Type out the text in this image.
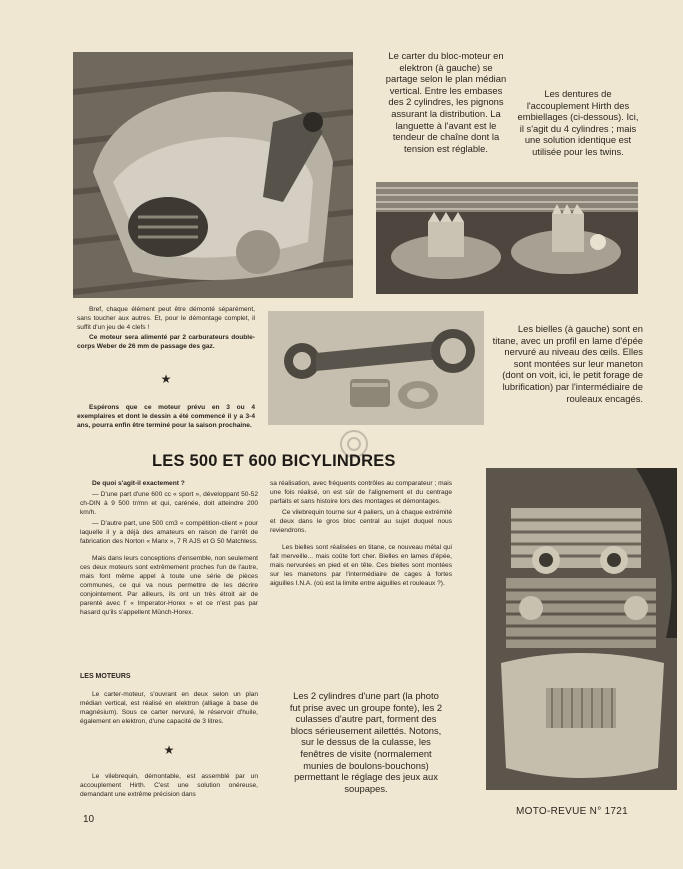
Le carter du bloc-moteur en elektron (à gauche) se partage selon le plan médian vertical. Entre les embases des 2 cylindres, les pignons assurant la distribution. La languette à l'avant est le tendeur de chaîne dont la tension est réglable.
Les dentures de l'accouplement Hirth des embiellages (ci-dessous). Ici, il s'agit du 4 cylindres ; mais une solution identique est utilisée pour les twins.

Bref, chaque élément peut être démonté séparément, sans toucher aux autres. Et, pour le démontage complet, il suffit d'un jeu de 4 clefs !

Ce moteur sera alimenté par 2 carburateurs double-corps Weber de 26 mm de passage des gaz.

★
Espérons que ce moteur prévu en 3 ou 4 exemplaires et dont le dessin a été commencé il y a 3-4 ans, pourra enfin être terminé pour la saison prochaine.
Les bielles (à gauche) sont en titane, avec un profil en lame d'épée nervuré au niveau des œils. Elles sont montées sur leur maneton (dont on voit, ici, le petit forage de lubrification) par l'intermédiaire de rouleaux encagés.
LES 500 ET 600 BICYLINDRES

De quoi s'agit-il exactement ?

— D'une part d'une 600 cc « sport », développant 50-52 ch-DIN à 9 500 tr/mn et qui, carénée, doit atteindre 200 km/h.

— D'autre part, une 500 cm3 « compétition-client » pour laquelle il y a déjà des amateurs en raison de l'arrêt de fabrication des Norton « Manx », 7 R AJS et G 50 Matchless.

Mais dans leurs conceptions d'ensemble, non seulement ces deux moteurs sont extrêmement proches l'un de l'autre, mais font même appel à toute une série de pièces communes, ce qui va nous permettre de les décrire conjointement. Par ailleurs, ils ont un très étroit air de parenté avec l' « Imperator-Horex » et ce n'est pas par hasard qu'ils s'appellent Münch-Horex.

LES MOTEURS
Le carter-moteur, s'ouvrant en deux selon un plan médian vertical, est réalisé en elektron (alliage à base de magnésium). Sous ce carter nervuré, le réservoir d'huile, également en elektron, d'une capacité de 3 litres.
★
Le vilebrequin, démontable, est assemblé par un accouplement Hirth. C'est une solution onéreuse, demandant une extrême précision dans

sa réalisation, avec fréquents contrôles au comparateur ; mais une fois réalisé, on est sûr de l'alignement et du centrage parfaits et sans histoire lors des montages et démontages.

Ce vilebrequin tourne sur 4 paliers, un à chaque extrémité et deux dans le gros bloc central au sujet duquel nous reviendrons.

Les bielles sont réalisées en titane, ce nouveau métal qui fait merveille... mais coûte fort cher. Bielles en lames d'épée, mais nervurées en pied et en tête. Ces bielles sont montées sur les manetons par l'intermédiaire de cages à fortes aiguilles I.N.A. (où est la limite entre aiguilles et rouleaux ?).

Les 2 cylindres d'une part (la photo fut prise avec un groupe fonte), les 2 culasses d'autre part, forment des blocs sérieusement ailettés. Notons, sur le dessus de la culasse, les fenêtres de visite (normalement munies de boulons-bouchons) permettant le réglage des jeux aux soupapes.
10
MOTO-REVUE N° 1721
